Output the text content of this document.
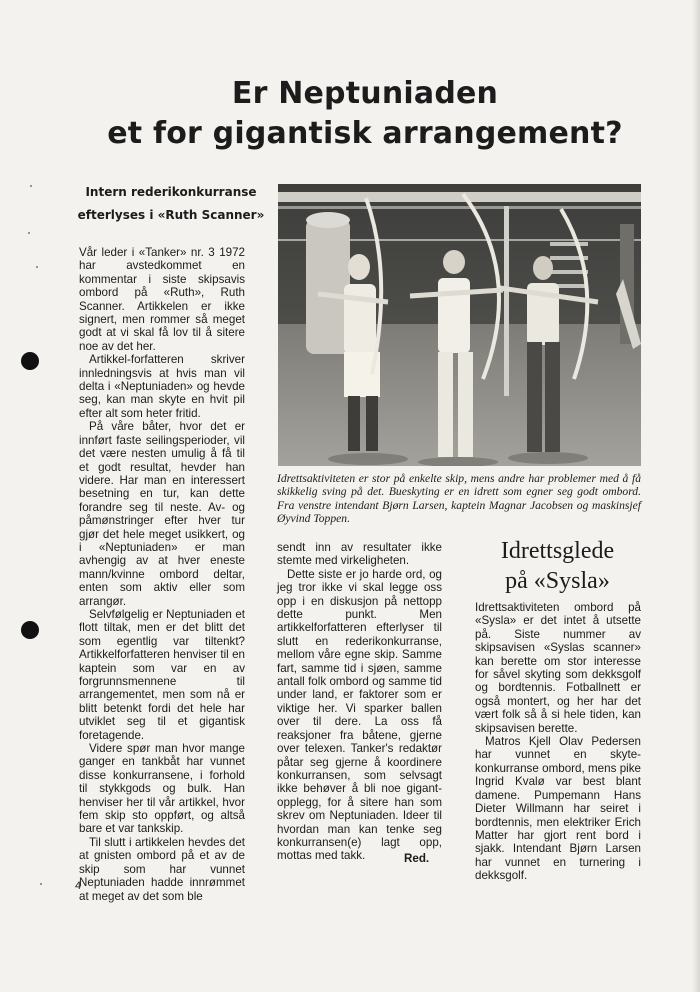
Er Neptuniaden
et for gigantisk arrangement?
Intern rederikonkurranse
efterlyses i «Ruth Scanner»

Vår leder i «Tanker» nr. 3 1972 har avstedkommet en kommentar i siste skipsavis ombord på «Ruth», Ruth Scanner. Artikkelen er ikke signert, men rommer så meget godt at vi skal få lov til å sitere noe av det her.

Artikkel-forfatteren skriver innledningsvis at hvis man vil delta i «Neptuniaden» og hevde seg, kan man skyte en hvit pil efter alt som heter fritid.

På våre båter, hvor det er innført faste seilingsperioder, vil det være nesten umulig å få til et godt resultat, hevder han videre. Har man en interessert besetning en tur, kan dette forandre seg til neste. Av- og påmønstringer efter hver tur gjør det hele meget usikkert, og i «Neptuniaden» er man avhengig av at hver eneste mann/kvinne ombord deltar, enten som aktiv eller som arrangør.

Selvfølgelig er Neptuniaden et flott tiltak, men er det blitt det som egentlig var tiltenkt? Artikkelforfatteren henviser til en kaptein som var en av forgrunnsmennene til arrangementet, men som nå er blitt betenkt fordi det hele har utviklet seg til et gigantisk foretagende.

Videre spør man hvor mange ganger en tankbåt har vunnet disse konkurransene, i forhold til stykkgods og bulk. Han henviser her til vår artikkel, hvor fem skip sto oppført, og altså bare et var tankskip.

Til slutt i artikkelen hevdes det at gnisten ombord på et av de skip som har vunnet Neptuniaden hadde innrømmet at meget av det som ble

Idrettsaktiviteten er stor på enkelte skip, mens andre har problemer med å få skikkelig sving på det. Bueskyting er en idrett som egner seg godt ombord. Fra venstre intendant Bjørn Larsen, kaptein Magnar Jacobsen og maskinsjef Øyvind Toppen.

sendt inn av resultater ikke stemte med virkeligheten.

Dette siste er jo harde ord, og jeg tror ikke vi skal legge oss opp i en diskusjon på nettopp dette punkt. Men artikkelforfatteren efterlyser til slutt en rederikonkurranse, mellom våre egne skip. Samme fart, samme tid i sjøen, samme antall folk ombord og samme tid under land, er faktorer som er viktige her. Vi sparker ballen over til dere. La oss få reaksjoner fra båtene, gjerne over telexen. Tanker's redaktør påtar seg gjerne å koordinere konkurransen, som selvsagt ikke behøver å bli noe gigant-opplegg, for å sitere han som skrev om Neptuniaden. Ideer til hvordan man kan tenke seg konkurransen(e) lagt opp, mottas med takk.	Red.
Idrettsglede
på «Sysla»

Idrettsaktiviteten ombord på «Sysla» er det intet å utsette på. Siste nummer av skipsavisen «Syslas scanner» kan berette om stor interesse for såvel skyting som dekksgolf og bordtennis. Fotballnett er også montert, og her har det vært folk så å si hele tiden, kan skipsavisen berette.

Matros Kjell Olav Pedersen har vunnet en skyte-konkurranse ombord, mens pike Ingrid Kvalø var best blant damene. Pumpemann Hans Dieter Willmann har seiret i bordtennis, men elektriker Erich Matter har gjort rent bord i sjakk. Intendant Bjørn Larsen har vunnet en turnering i dekksgolf.

4
